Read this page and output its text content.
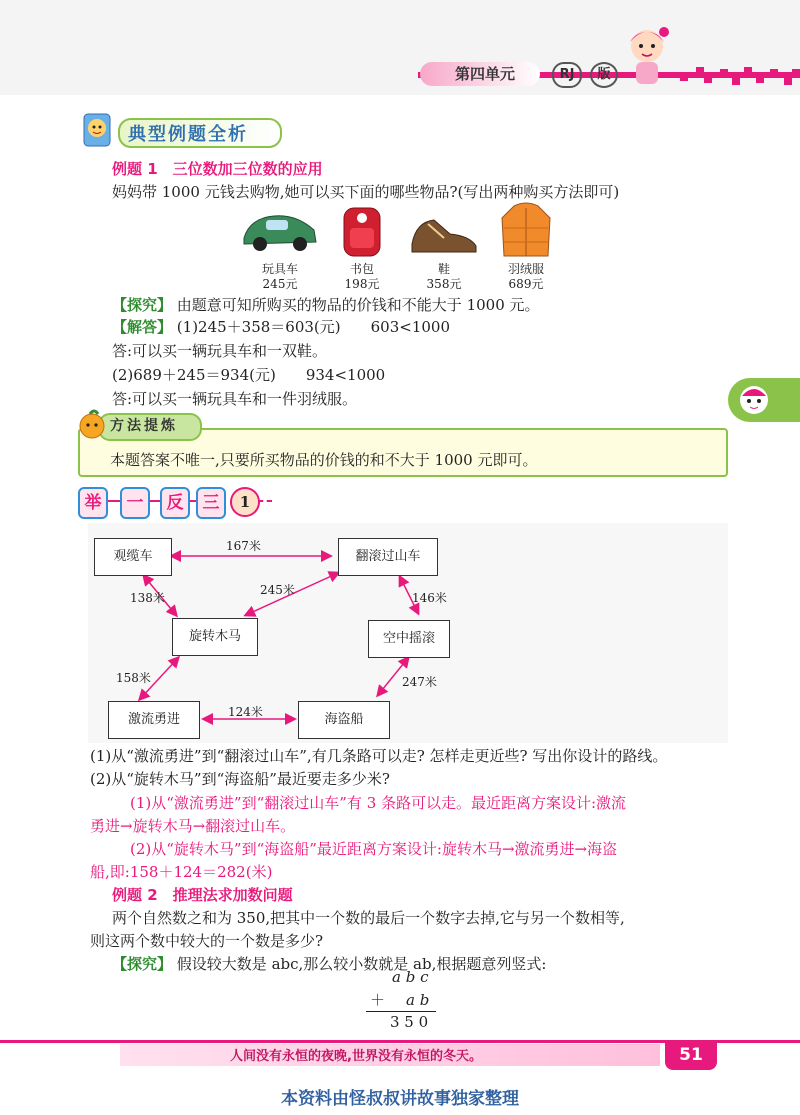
第四单元	RJ	版
典型例题全析
例题 1　三位数加三位数的应用
妈妈带 1000 元钱去购物,她可以买下面的哪些物品?(写出两种购买方法即可)
玩具车
245元
书包
198元
鞋
358元
羽绒服
689元
【探究】 由题意可知所购买的物品的价钱和不能大于 1000 元。
【解答】 (1)245＋358＝603(元)　　603<1000
答:可以买一辆玩具车和一双鞋。
(2)689＋245＝934(元)　　934<1000
答:可以买一辆玩具车和一件羽绒服。
方法提炼
本题答案不唯一,只要所买物品的价钱的和不大于 1000 元即可。
举	一	反	三	1
观缆车	翻滚过山车
旋转木马	空中摇滚
激流勇进	海盗船
167米
138米
245米
146米
158米	247米
124米
(1)从“激流勇进”到“翻滚过山车”,有几条路可以走? 怎样走更近些? 写出你设计的路线。
(2)从“旋转木马”到“海盗船”最近要走多少米?
(1)从“激流勇进”到“翻滚过山车”有 3 条路可以走。最近距离方案设计:激流
勇进→旋转木马→翻滚过山车。
(2)从“旋转木马”到“海盗船”最近距离方案设计:旋转木马→激流勇进→海盗
船,即:158＋124＝282(米)
例题 2　推理法求加数问题
两个自然数之和为 350,把其中一个数的最后一个数字去掉,它与另一个数相等,
则这两个数中较大的一个数是多少?
【探究】 假设较大数是 abc,那么较小数就是 ab,根据题意列竖式:
a b c
＋ a b
3 5 0
人间没有永恒的夜晚,世界没有永恒的冬天。	51
本资料由怪叔叔讲故事独家整理
